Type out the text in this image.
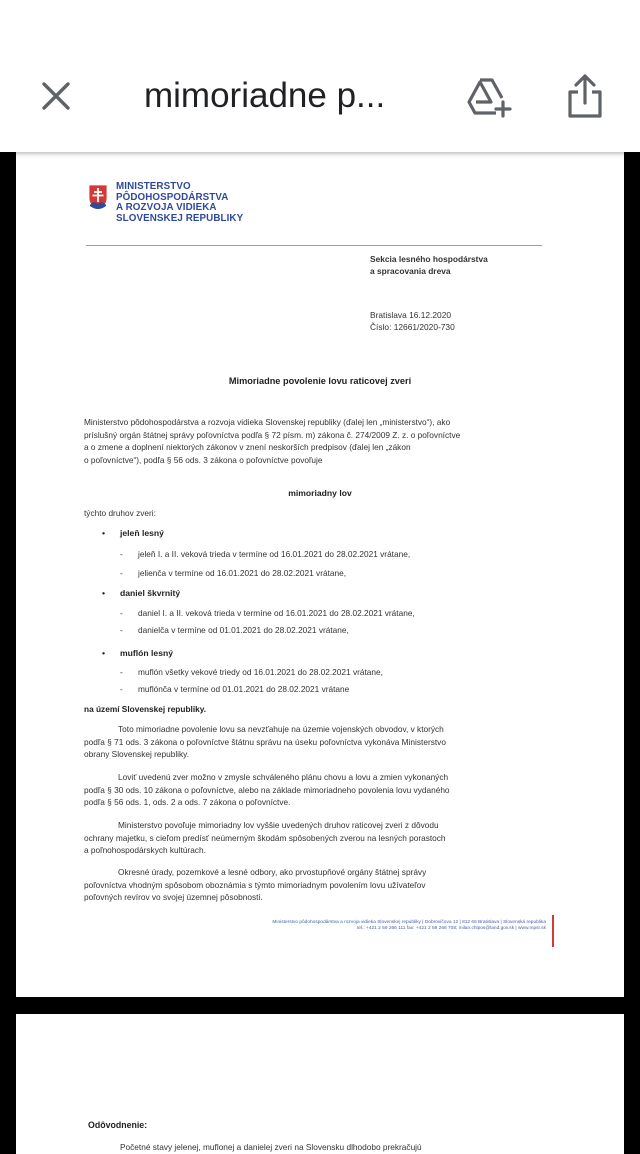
mimoriadne p...
MINISTERSTVO
PÔDOHOSPODÁRSTVA
A ROZVOJA VIDIEKA
SLOVENSKEJ REPUBLIKY
Sekcia lesného hospodárstva
a spracovania dreva
Bratislava 16.12.2020
Číslo: 12661/2020-730
Mimoriadne povolenie lovu raticovej zveri

Ministerstvo pôdohospodárstva a rozvoja vidieka Slovenskej republiky (ďalej len „ministerstvo“), ako

príslušný orgán štátnej správy poľovníctva podľa § 72 písm. m) zákona č. 274/2009 Z. z. o poľovníctve

a o zmene a doplnení niektorých zákonov v znení neskorších predpisov (ďalej len „zákon

o poľovníctve“), podľa § 56 ods. 3 zákona o poľovníctve povoľuje

mimoriadny lov
týchto druhov zveri:
• jeleň lesný
- jeleň I. a II. veková trieda v termíne od 16.01.2021 do 28.02.2021 vrátane,
- jelienča v termíne od 16.01.2021 do 28.02.2021 vrátane,
• daniel škvrnitý
- daniel I. a II. veková trieda v termíne od 16.01.2021 do 28.02.2021 vrátane,
- danielča v termíne od 01.01.2021 do 28.02.2021 vrátane,
• muflón lesný
- muflón všetky vekové triedy od 16.01.2021 do 28.02.2021 vrátane,
- muflónča v termíne od 01.01.2021 do 28.02.2021 vrátane
na území Slovenskej republiky.

Toto mimoriadne povolenie lovu sa nevzťahuje na územie vojenských obvodov, v ktorých

podľa § 71 ods. 3 zákona o poľovníctve štátnu správu na úseku poľovníctva vykonáva Ministerstvo

obrany Slovenskej republiky.

Loviť uvedenú zver možno v zmysle schváleného plánu chovu a lovu a zmien vykonaných

podľa § 30 ods. 10 zákona o poľovníctve, alebo na základe mimoriadneho povolenia lovu vydaného

podľa § 56 ods. 1, ods. 2 a ods. 7 zákona o poľovníctve.

Ministerstvo povoľuje mimoriadny lov vyššie uvedených druhov raticovej zveri z dôvodu

ochrany majetku, s cieľom predísť neúmerným škodám spôsobených zverou na lesných porastoch

a poľnohospodárskych kultúrach.

Okresné úrady, pozemkové a lesné odbory, ako prvostupňové orgány štátnej správy

poľovníctva vhodným spôsobom oboznámia s týmto mimoriadnym povolením lovu užívateľov

poľovných revírov vo svojej územnej pôsobnosti.

Ministerstvo pôdohospodárstva a rozvoja vidieka Slovenskej republiky | Dobrovičova 12 | 812 66 Bratislava | Slovenská republika
tel.: +421 2 59 266 111 fax: +421 2 59 266 708; milan.chlpos@land.gov.sk | www.mpsr.sk
Odôvodnenie:
Početné stavy jelenej, muflonej a danielej zveri na Slovensku dlhodobo prekračujú
